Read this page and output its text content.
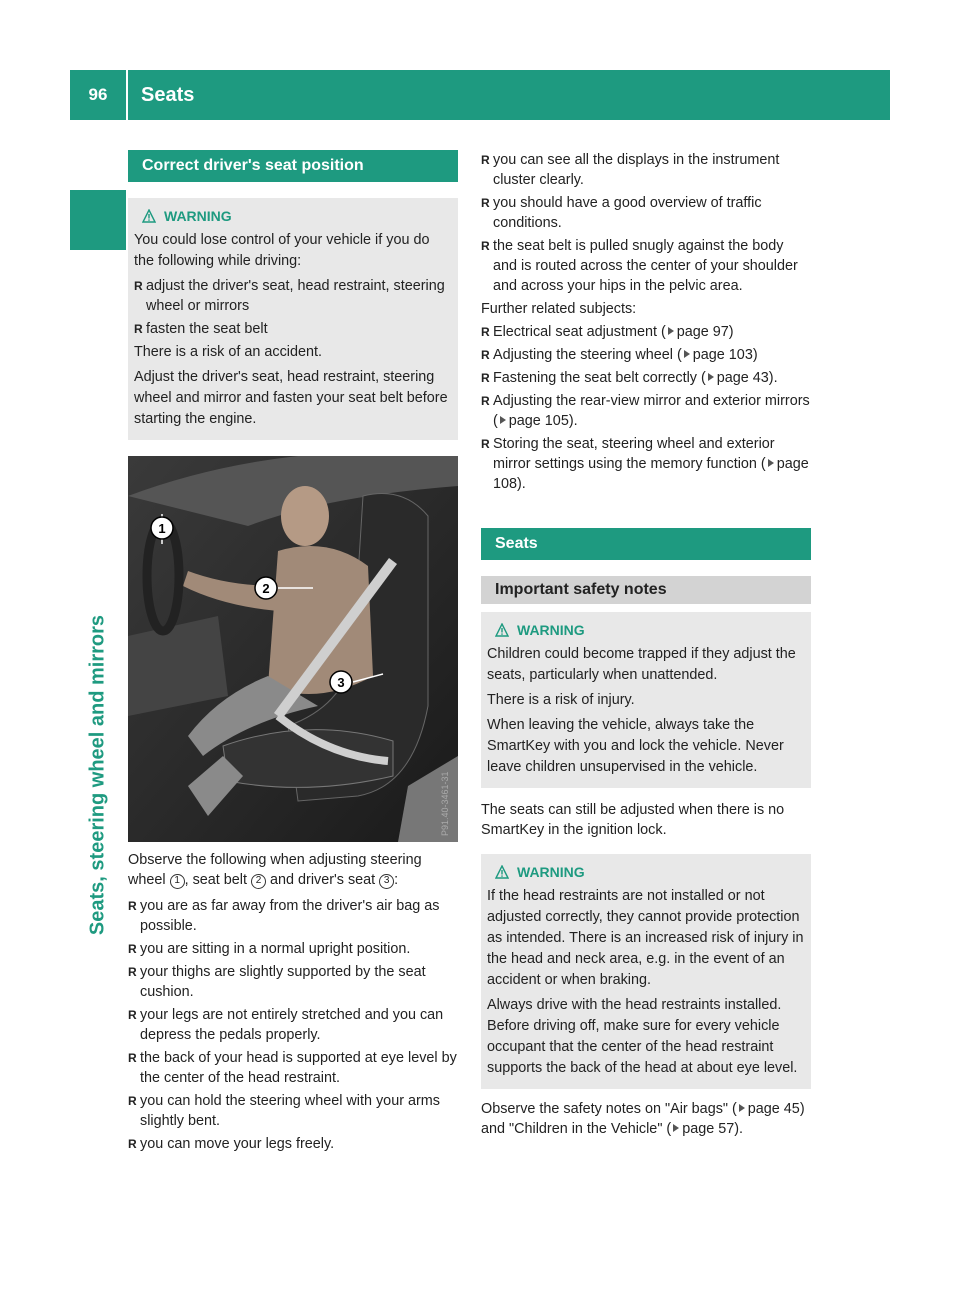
96	Seats
Seats, steering wheel and mirrors
Correct driver's seat position
WARNING

You could lose control of your vehicle if you do the following while driving:

R adjust the driver's seat, head restraint, steering wheel or mirrors
R fasten the seat belt

There is a risk of an accident.

Adjust the driver's seat, head restraint, steering wheel and mirror and fasten your seat belt before starting the engine.

1
2
3
P91.40-3461-31
Observe the following when adjusting steering wheel 1 , seat belt 2 and driver's seat 3 :
R you are as far away from the driver's air bag as possible.
R you are sitting in a normal upright position.
R your thighs are slightly supported by the seat cushion.
R your legs are not entirely stretched and you can depress the pedals properly.
R the back of your head is supported at eye level by the center of the head restraint.
R you can hold the steering wheel with your arms slightly bent.
R you can move your legs freely.
R you can see all the displays in the instrument cluster clearly.
R you should have a good overview of traffic conditions.
R the seat belt is pulled snugly against the body and is routed across the center of your shoulder and across your hips in the pelvic area.
Further related subjects:
R Electrical seat adjustment ( page 97)
R Adjusting the steering wheel ( page 103)
R Fastening the seat belt correctly ( page 43).
R Adjusting the rear-view mirror and exterior mirrors ( page 105).
R Storing the seat, steering wheel and exterior mirror settings using the memory function ( page 108).
Seats
Important safety notes
WARNING

Children could become trapped if they adjust the seats, particularly when unattended.

There is a risk of injury.

When leaving the vehicle, always take the SmartKey with you and lock the vehicle. Never leave children unsupervised in the vehicle.

The seats can still be adjusted when there is no SmartKey in the ignition lock.
WARNING

If the head restraints are not installed or not adjusted correctly, they cannot provide protection as intended. There is an increased risk of injury in the head and neck area, e.g. in the event of an accident or when braking.

Always drive with the head restraints installed. Before driving off, make sure for every vehicle occupant that the center of the head restraint supports the back of the head at about eye level.

Observe the safety notes on "Air bags" ( page 45) and "Children in the Vehicle" ( page 57).
